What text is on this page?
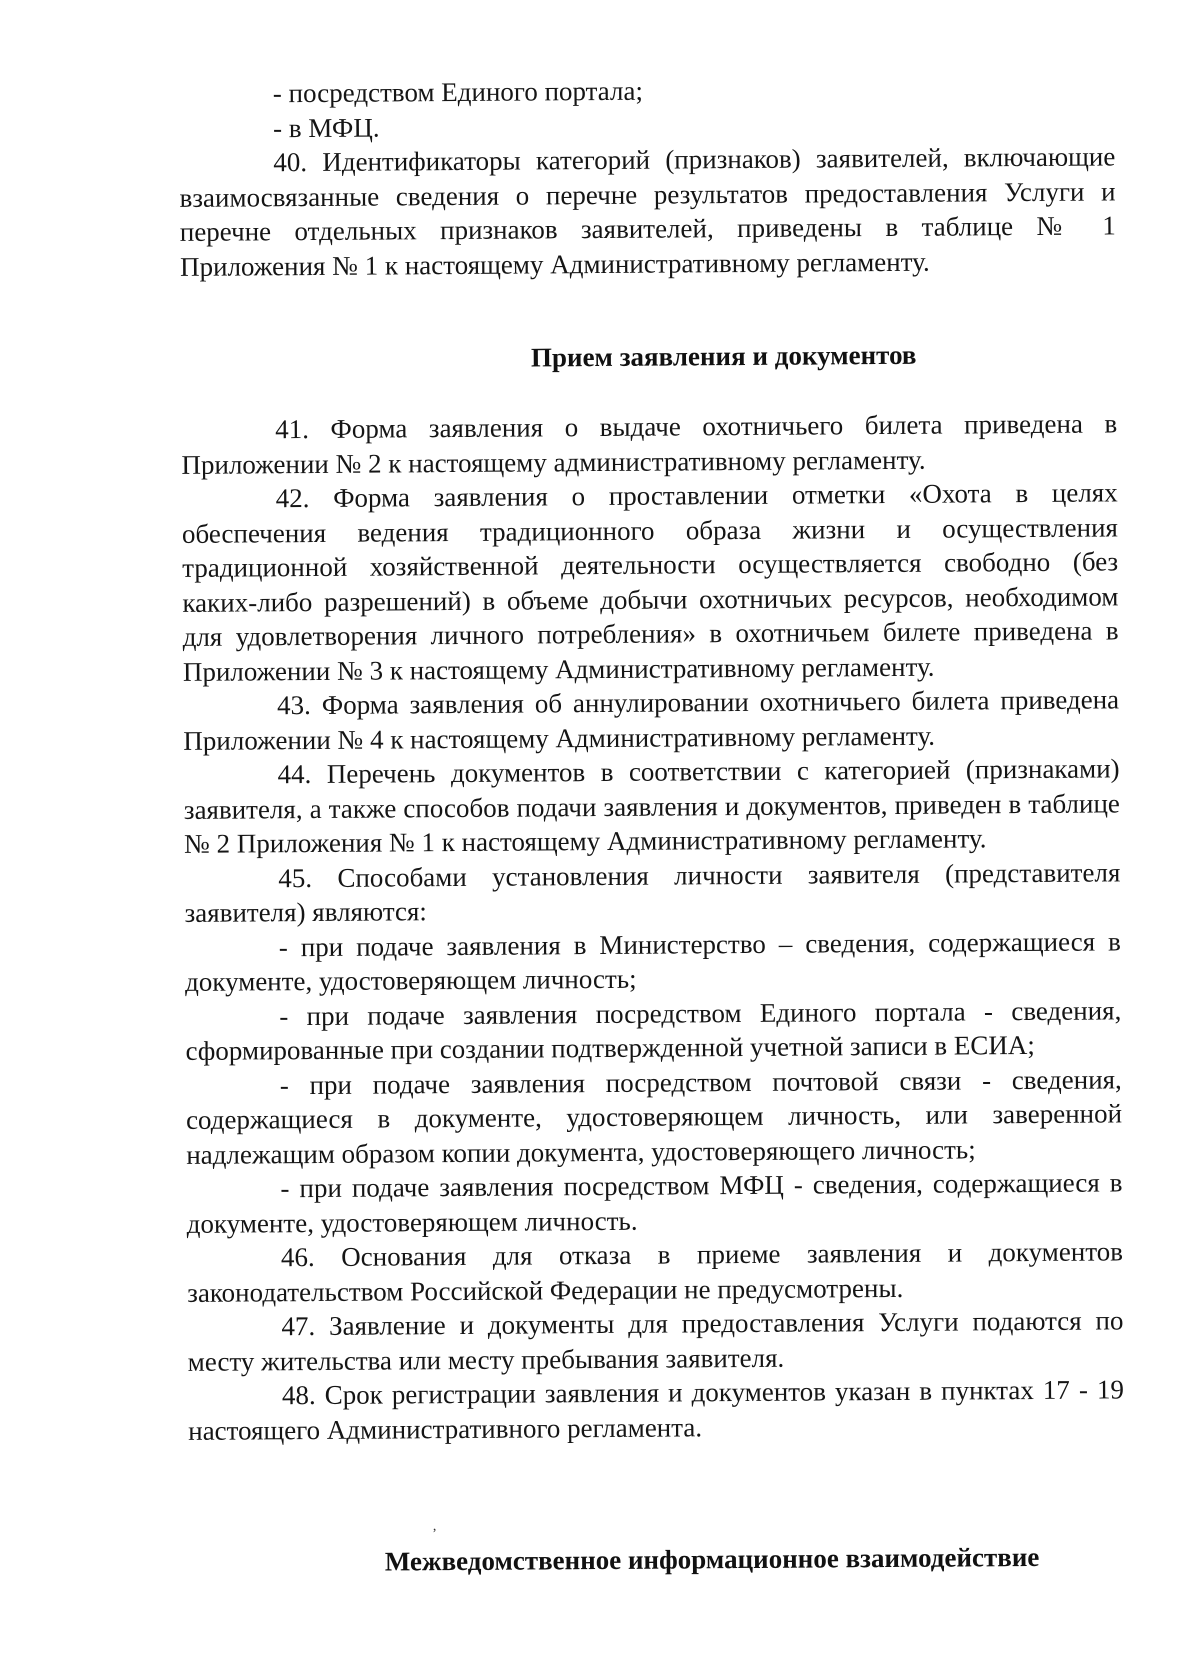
- посредством Единого портала;

- в МФЦ.

40. Идентификаторы категорий (признаков) заявителей, включающие взаимосвязанные сведения о перечне результатов предоставления Услуги и перечне отдельных признаков заявителей, приведены в таблице № 1 Приложения № 1 к настоящему Административному регламенту.

Прием заявления и документов

41. Форма заявления о выдаче охотничьего билета приведена в Приложении № 2 к настоящему административному регламенту.

42. Форма заявления о проставлении отметки «Охота в целях обеспечения ведения традиционного образа жизни и осуществления традиционной хозяйственной деятельности осуществляется свободно (без каких-либо разрешений) в объеме добычи охотничьих ресурсов, необходимом для удовлетворения личного потребления» в охотничьем билете приведена в Приложении № 3 к настоящему Административному регламенту.

43. Форма заявления об аннулировании охотничьего билета приведена Приложении № 4 к настоящему Административному регламенту.

44. Перечень документов в соответствии с категорией (признаками) заявителя, а также способов подачи заявления и документов, приведен в таблице № 2 Приложения № 1 к настоящему Административному регламенту.

45. Способами установления личности заявителя (представителя заявителя) являются:

- при подаче заявления в Министерство – сведения, содержащиеся в документе, удостоверяющем личность;

- при подаче заявления посредством Единого портала - сведения, сформированные при создании подтвержденной учетной записи в ЕСИА;

- при подаче заявления посредством почтовой связи - сведения, содержащиеся в документе, удостоверяющем личность, или заверенной надлежащим образом копии документа, удостоверяющего личность;

- при подаче заявления посредством МФЦ - сведения, содержащиеся в документе, удостоверяющем личность.

46. Основания для отказа в приеме заявления и документов законодательством Российской Федерации не предусмотрены.

47. Заявление и документы для предоставления Услуги подаются по месту жительства или месту пребывания заявителя.

48. Срок регистрации заявления и документов указан в пунктах 17 - 19 настоящего Административного регламента.

,
Межведомственное информационное взаимодействие
